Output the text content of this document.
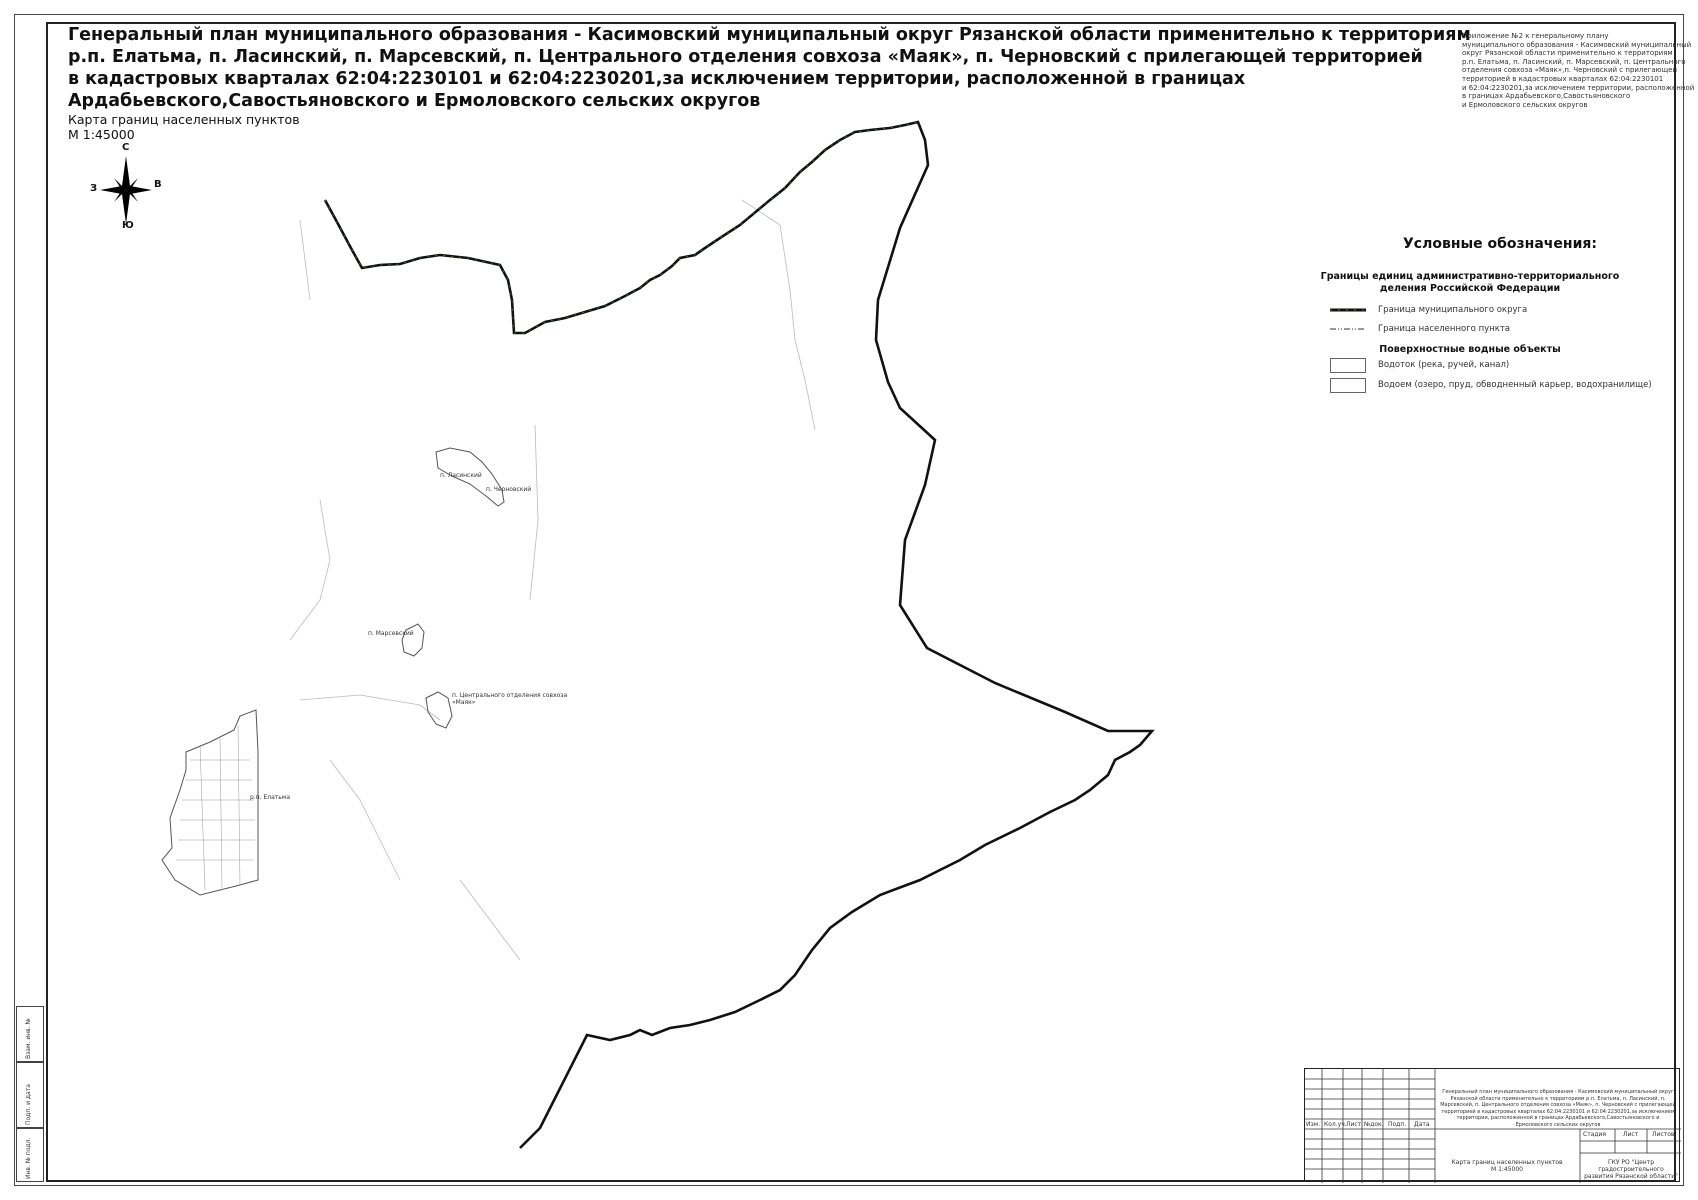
Генеральный план муниципального образования - Касимовский муниципальный округ Рязанской области применительно к территориям
р.п. Елатьма, п. Ласинский, п. Марсевский, п. Центрального отделения совхоза «Маяк», п. Черновский с прилегающей территорией
в кадастровых кварталах 62:04:2230101 и 62:04:2230201,за исключением территории, расположенной в границах
Ардабьевского,Савостьяновского и Ермоловского сельских округов
Карта границ населенных пунктов
М 1:45000
Приложение №2 к генеральному плану
муниципального образования - Касимовский муниципальный
округ Рязанской области применительно к территориям
р.п. Елатьма, п. Ласинский, п. Марсевский, п. Центрального
отделения совхоза «Маяк»,п. Черновский с прилегающей
территорией в кадастровых кварталах 62:04:2230101
и 62:04:2230201,за исключением территории, расположенной
в границах Ардабьевского,Савостьяновского
и Ермоловского сельских округов
С
Ю
З	В
п. Ласинский
п. Черновский
п. Марсевский
п. Центрального отделения совхоза «Маяк»
р.п. Елатьма
Условные обозначения:
Границы единиц административно-территориального деления Российской Федерации
Граница муниципального округа
Граница населенного пункта
Поверхностные водные объекты
Водоток (река, ручей, канал)
Водоем (озеро, пруд, обводненный карьер, водохранилище)
Взам. инв. №
Подп. и дата
Инв. № подл.
Изм. Кол.уч. Лист №док. Подп. Дата
Генеральный план муниципального образования - Касимовский муниципальный округ Рязанской области применительно к территориям р.п. Елатьма, п. Ласинский, п. Марсевский, п. Центрального отделения совхоза «Маяк», п. Черновский с прилегающей территорией в кадастровых кварталах 62:04:2230101 и 62:04:2230201,за исключением территории, расположенной в границах Ардабьевского,Савостьяновского и Ермоловского сельских округов
Стадия	Лист Листов
Карта границ населенных пунктов М 1:45000
ГКУ РО "Центр градостроительного развития Рязанской области"
